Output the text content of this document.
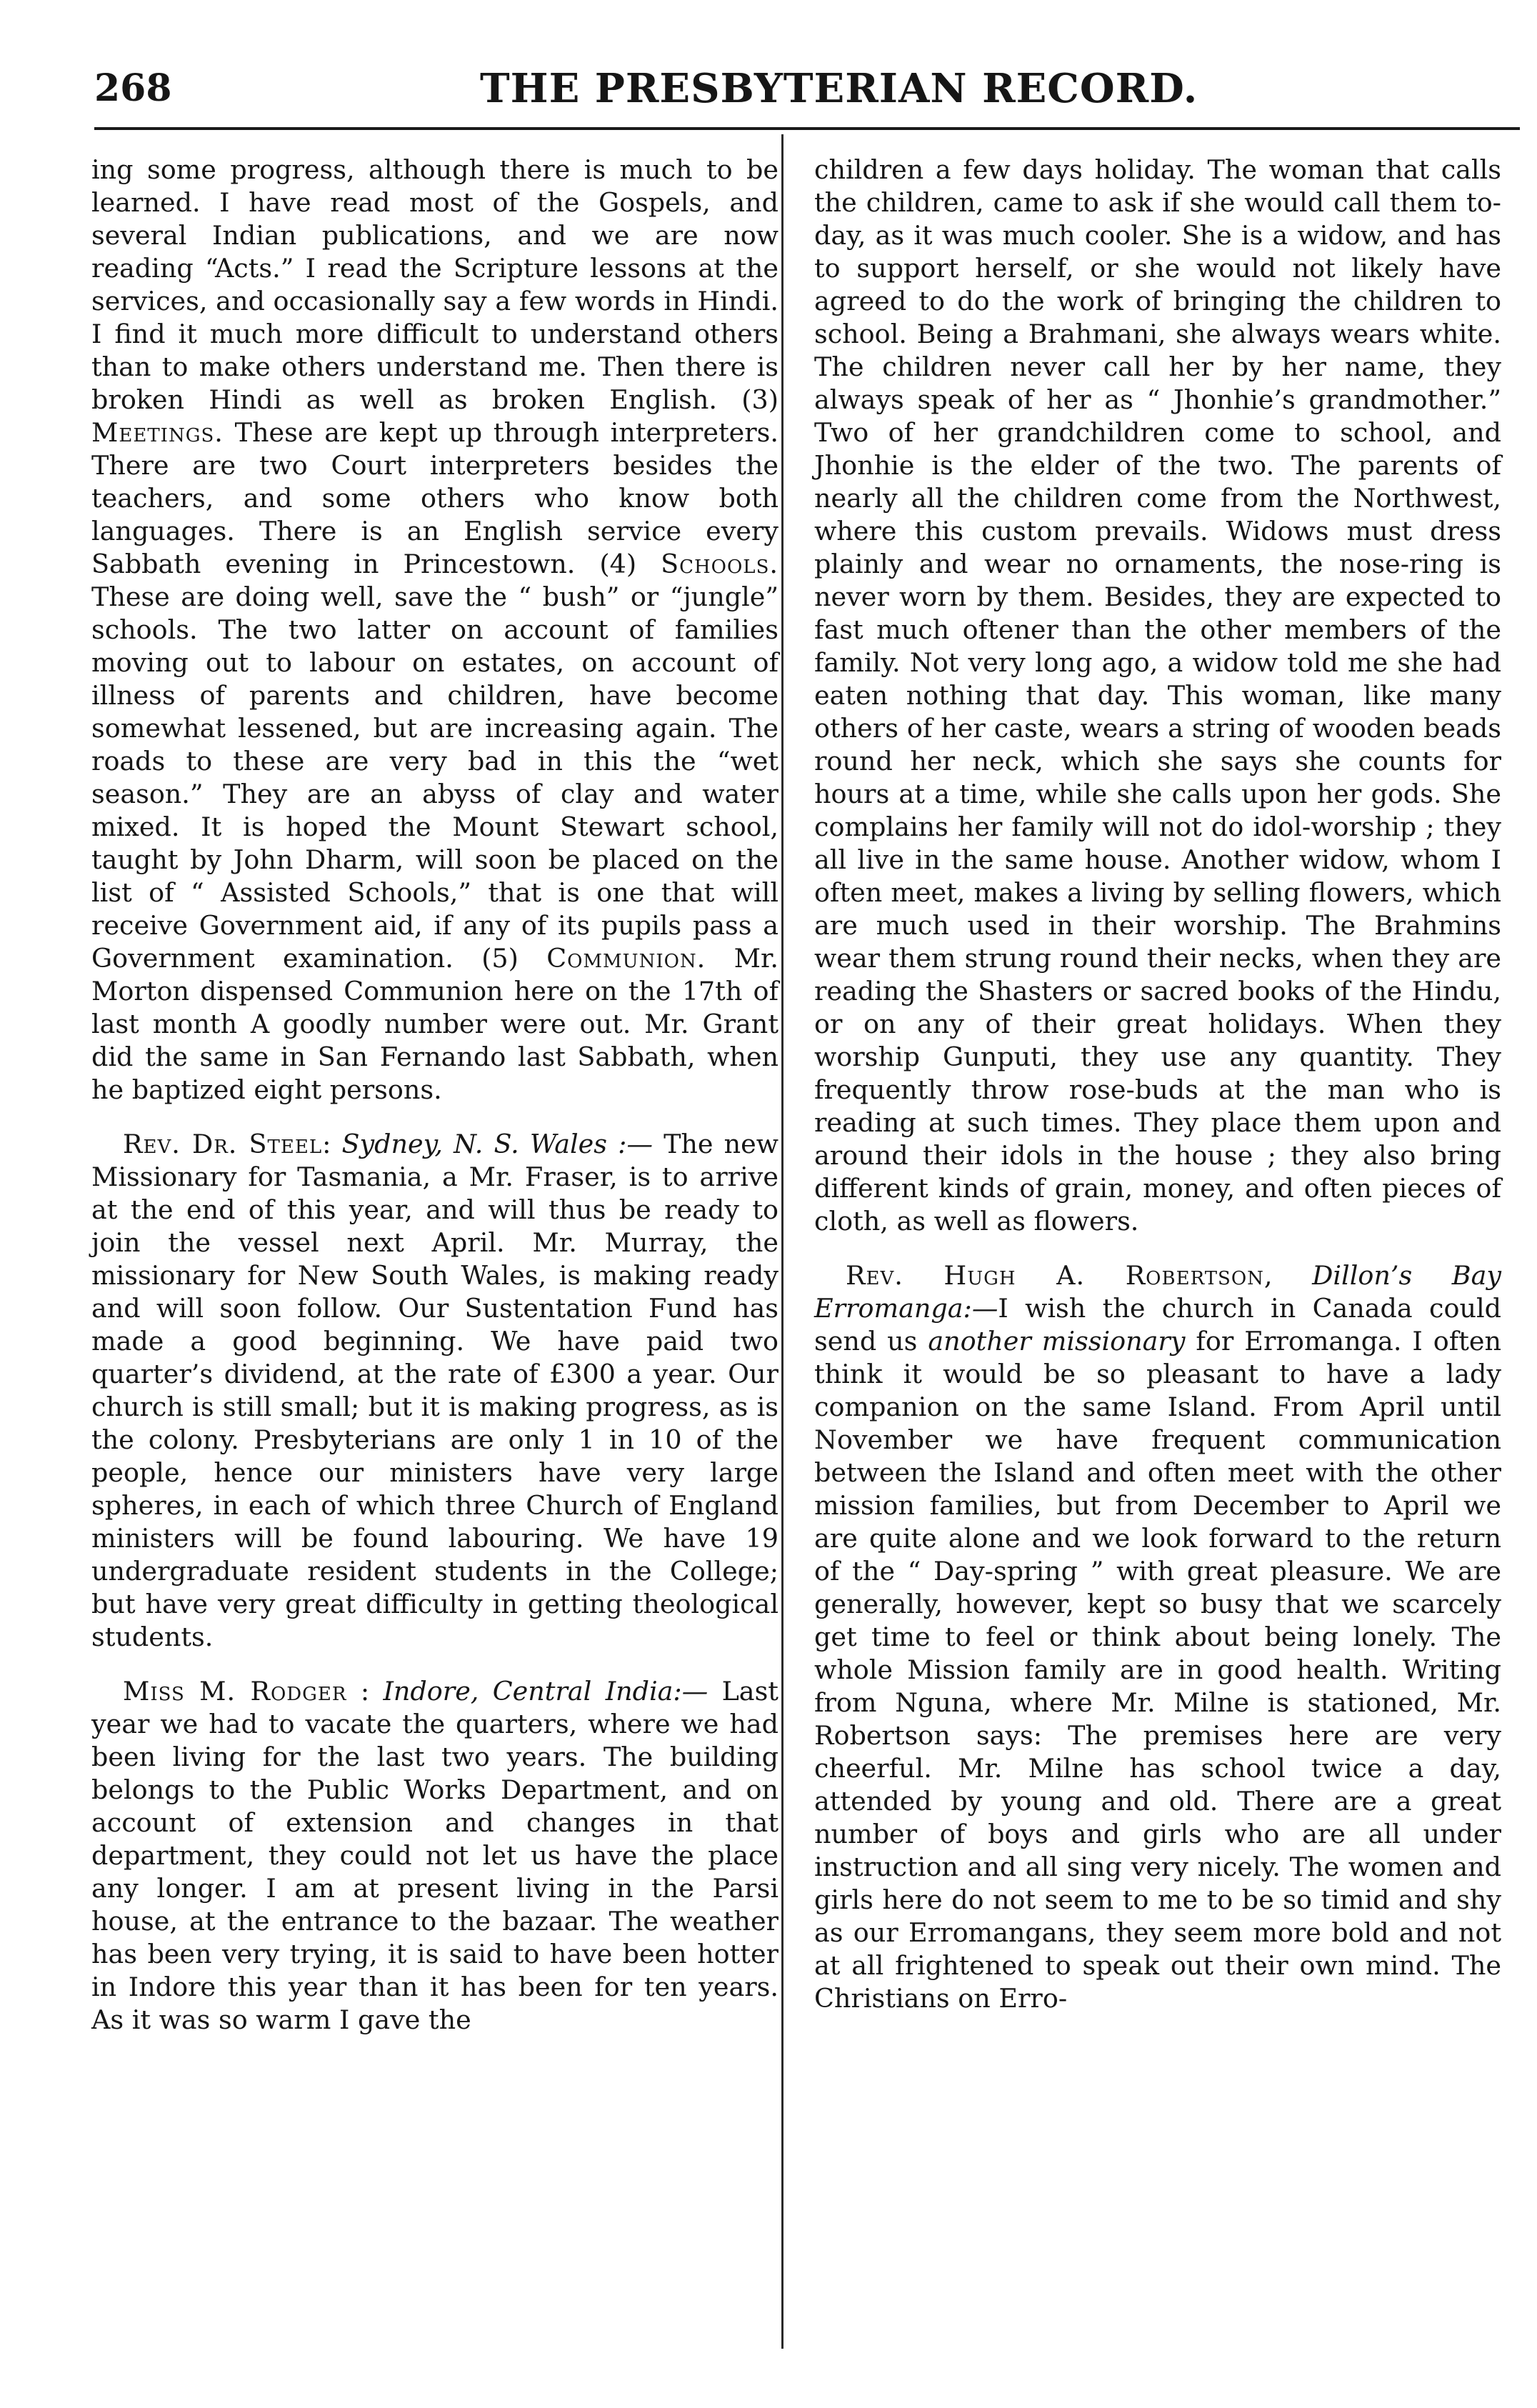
268	THE PRESBYTERIAN RECORD.

ing some progress, although there is much to be learned. I have read most of the Gospels, and several Indian publications, and we are now reading “Acts.” I read the Scripture lessons at the services, and occasionally say a few words in Hindi. I find it much more difficult to understand others than to make others understand me. Then there is broken Hindi as well as broken English. (3) Meetings. These are kept up through interpreters. There are two Court interpreters besides the teachers, and some others who know both languages. There is an English service every Sabbath evening in Princestown. (4) Schools. These are doing well, save the “ bush” or “jungle” schools. The two latter on account of families moving out to labour on estates, on account of illness of parents and children, have become somewhat lessened, but are increasing again. The roads to these are very bad in this the “wet season.” They are an abyss of clay and water mixed. It is hoped the Mount Stewart school, taught by John Dharm, will soon be placed on the list of “ Assisted Schools,” that is one that will receive Government aid, if any of its pupils pass a Government examination. (5) Communion. Mr. Morton dispensed Communion here on the 17th of last month A goodly number were out. Mr. Grant did the same in San Fernando last Sabbath, when he baptized eight persons.

Rev. Dr. Steel: Sydney, N. S. Wales :— The new Missionary for Tasmania, a Mr. Fraser, is to arrive at the end of this year, and will thus be ready to join the vessel next April. Mr. Murray, the missionary for New South Wales, is making ready and will soon follow. Our Sustentation Fund has made a good beginning. We have paid two quarter’s dividend, at the rate of £300 a year. Our church is still small; but it is making progress, as is the colony. Presbyterians are only 1 in 10 of the people, hence our ministers have very large spheres, in each of which three Church of England ministers will be found labouring. We have 19 undergraduate resident students in the College; but have very great difficulty in getting theological students.

Miss M. Rodger : Indore, Central India:— Last year we had to vacate the quarters, where we had been living for the last two years. The building belongs to the Public Works Department, and on account of extension and changes in that department, they could not let us have the place any longer. I am at present living in the Parsi house, at the entrance to the bazaar. The weather has been very trying, it is said to have been hotter in Indore this year than it has been for ten years. As it was so warm I gave the

children a few days holiday. The woman that calls the children, came to ask if she would call them to-day, as it was much cooler. She is a widow, and has to support herself, or she would not likely have agreed to do the work of bringing the children to school. Being a Brahmani, she always wears white. The children never call her by her name, they always speak of her as “ Jhonhie’s grandmother.” Two of her grandchildren come to school, and Jhonhie is the elder of the two. The parents of nearly all the children come from the Northwest, where this custom prevails. Widows must dress plainly and wear no ornaments, the nose-ring is never worn by them. Besides, they are expected to fast much oftener than the other members of the family. Not very long ago, a widow told me she had eaten nothing that day. This woman, like many others of her caste, wears a string of wooden beads round her neck, which she says she counts for hours at a time, while she calls upon her gods. She complains her family will not do idol-worship ; they all live in the same house. Another widow, whom I often meet, makes a living by selling flowers, which are much used in their worship. The Brahmins wear them strung round their necks, when they are reading the Shasters or sacred books of the Hindu, or on any of their great holidays. When they worship Gunputi, they use any quantity. They frequently throw rose-buds at the man who is reading at such times. They place them upon and around their idols in the house ; they also bring different kinds of grain, money, and often pieces of cloth, as well as flowers.

Rev. Hugh A. Robertson, Dillon’s Bay Erromanga:—I wish the church in Canada could send us another missionary for Erromanga. I often think it would be so pleasant to have a lady companion on the same Island. From April until November we have frequent communication between the Island and often meet with the other mission families, but from December to April we are quite alone and we look forward to the return of the “ Day-spring ” with great pleasure. We are generally, however, kept so busy that we scarcely get time to feel or think about being lonely. The whole Mission family are in good health. Writing from Nguna, where Mr. Milne is stationed, Mr. Robertson says: The premises here are very cheerful. Mr. Milne has school twice a day, attended by young and old. There are a great number of boys and girls who are all under instruction and all sing very nicely. The women and girls here do not seem to me to be so timid and shy as our Erromangans, they seem more bold and not at all frightened to speak out their own mind. The Christians on Erro-
